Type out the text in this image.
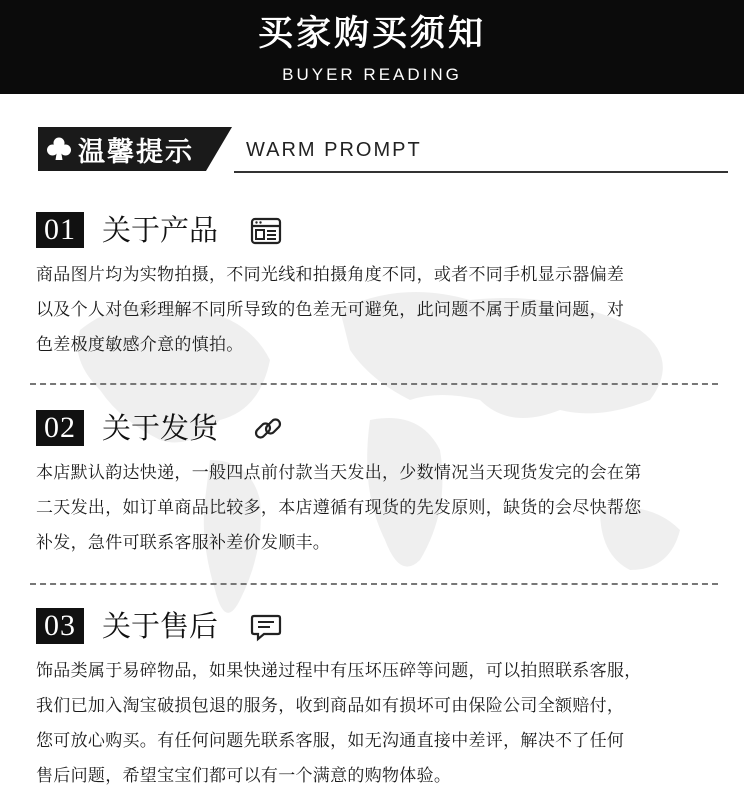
买家购买须知
BUYER READING
温馨提示	WARM PROMPT
01 关于产品
商品图片均为实物拍摄，不同光线和拍摄角度不同，或者不同手机显示器偏差
以及个人对色彩理解不同所导致的色差无可避免，此问题不属于质量问题，对
色差极度敏感介意的慎拍。
02 关于发货
本店默认韵达快递，一般四点前付款当天发出，少数情况当天现货发完的会在第
二天发出，如订单商品比较多，本店遵循有现货的先发原则，缺货的会尽快帮您
补发，急件可联系客服补差价发顺丰。
03 关于售后
饰品类属于易碎物品，如果快递过程中有压坏压碎等问题，可以拍照联系客服，
我们已加入淘宝破损包退的服务，收到商品如有损坏可由保险公司全额赔付，
您可放心购买。有任何问题先联系客服，如无沟通直接中差评，解决不了任何
售后问题，希望宝宝们都可以有一个满意的购物体验。
